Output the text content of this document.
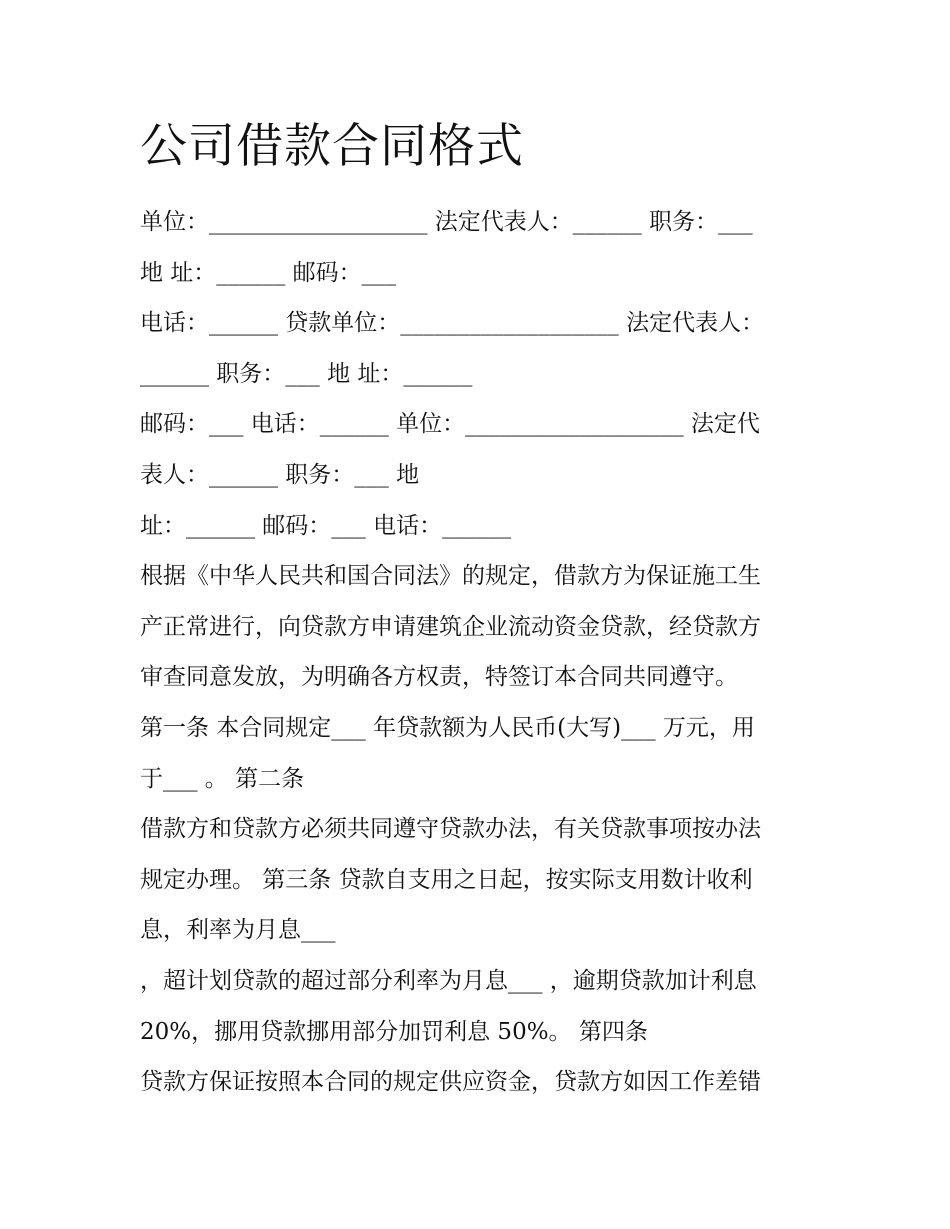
公司借款合同格式

单位：___________________ 法定代表人：______ 职务：___

地 址：______ 邮码：___

电话：______ 贷款单位：___________________ 法定代表人：

______ 职务：___ 地 址：______

邮码：___ 电话：______ 单位：___________________ 法定代

表人：______ 职务：___ 地

址：______ 邮码：___ 电话：______

根据《中华人民共和国合同法》的规定，借款方为保证施工生

产正常进行，向贷款方申请建筑企业流动资金贷款，经贷款方

审查同意发放，为明确各方权责，特签订本合同共同遵守。

第一条 本合同规定___ 年贷款额为人民币(大写)___ 万元，用

于___ 。 第二条

借款方和贷款方必须共同遵守贷款办法，有关贷款事项按办法

规定办理。 第三条 贷款自支用之日起，按实际支用数计收利

息，利率为月息___

，超计划贷款的超过部分利率为月息___ ，逾期贷款加计利息

20%，挪用贷款挪用部分加罚利息 50%。 第四条

贷款方保证按照本合同的规定供应资金，贷款方如因工作差错
